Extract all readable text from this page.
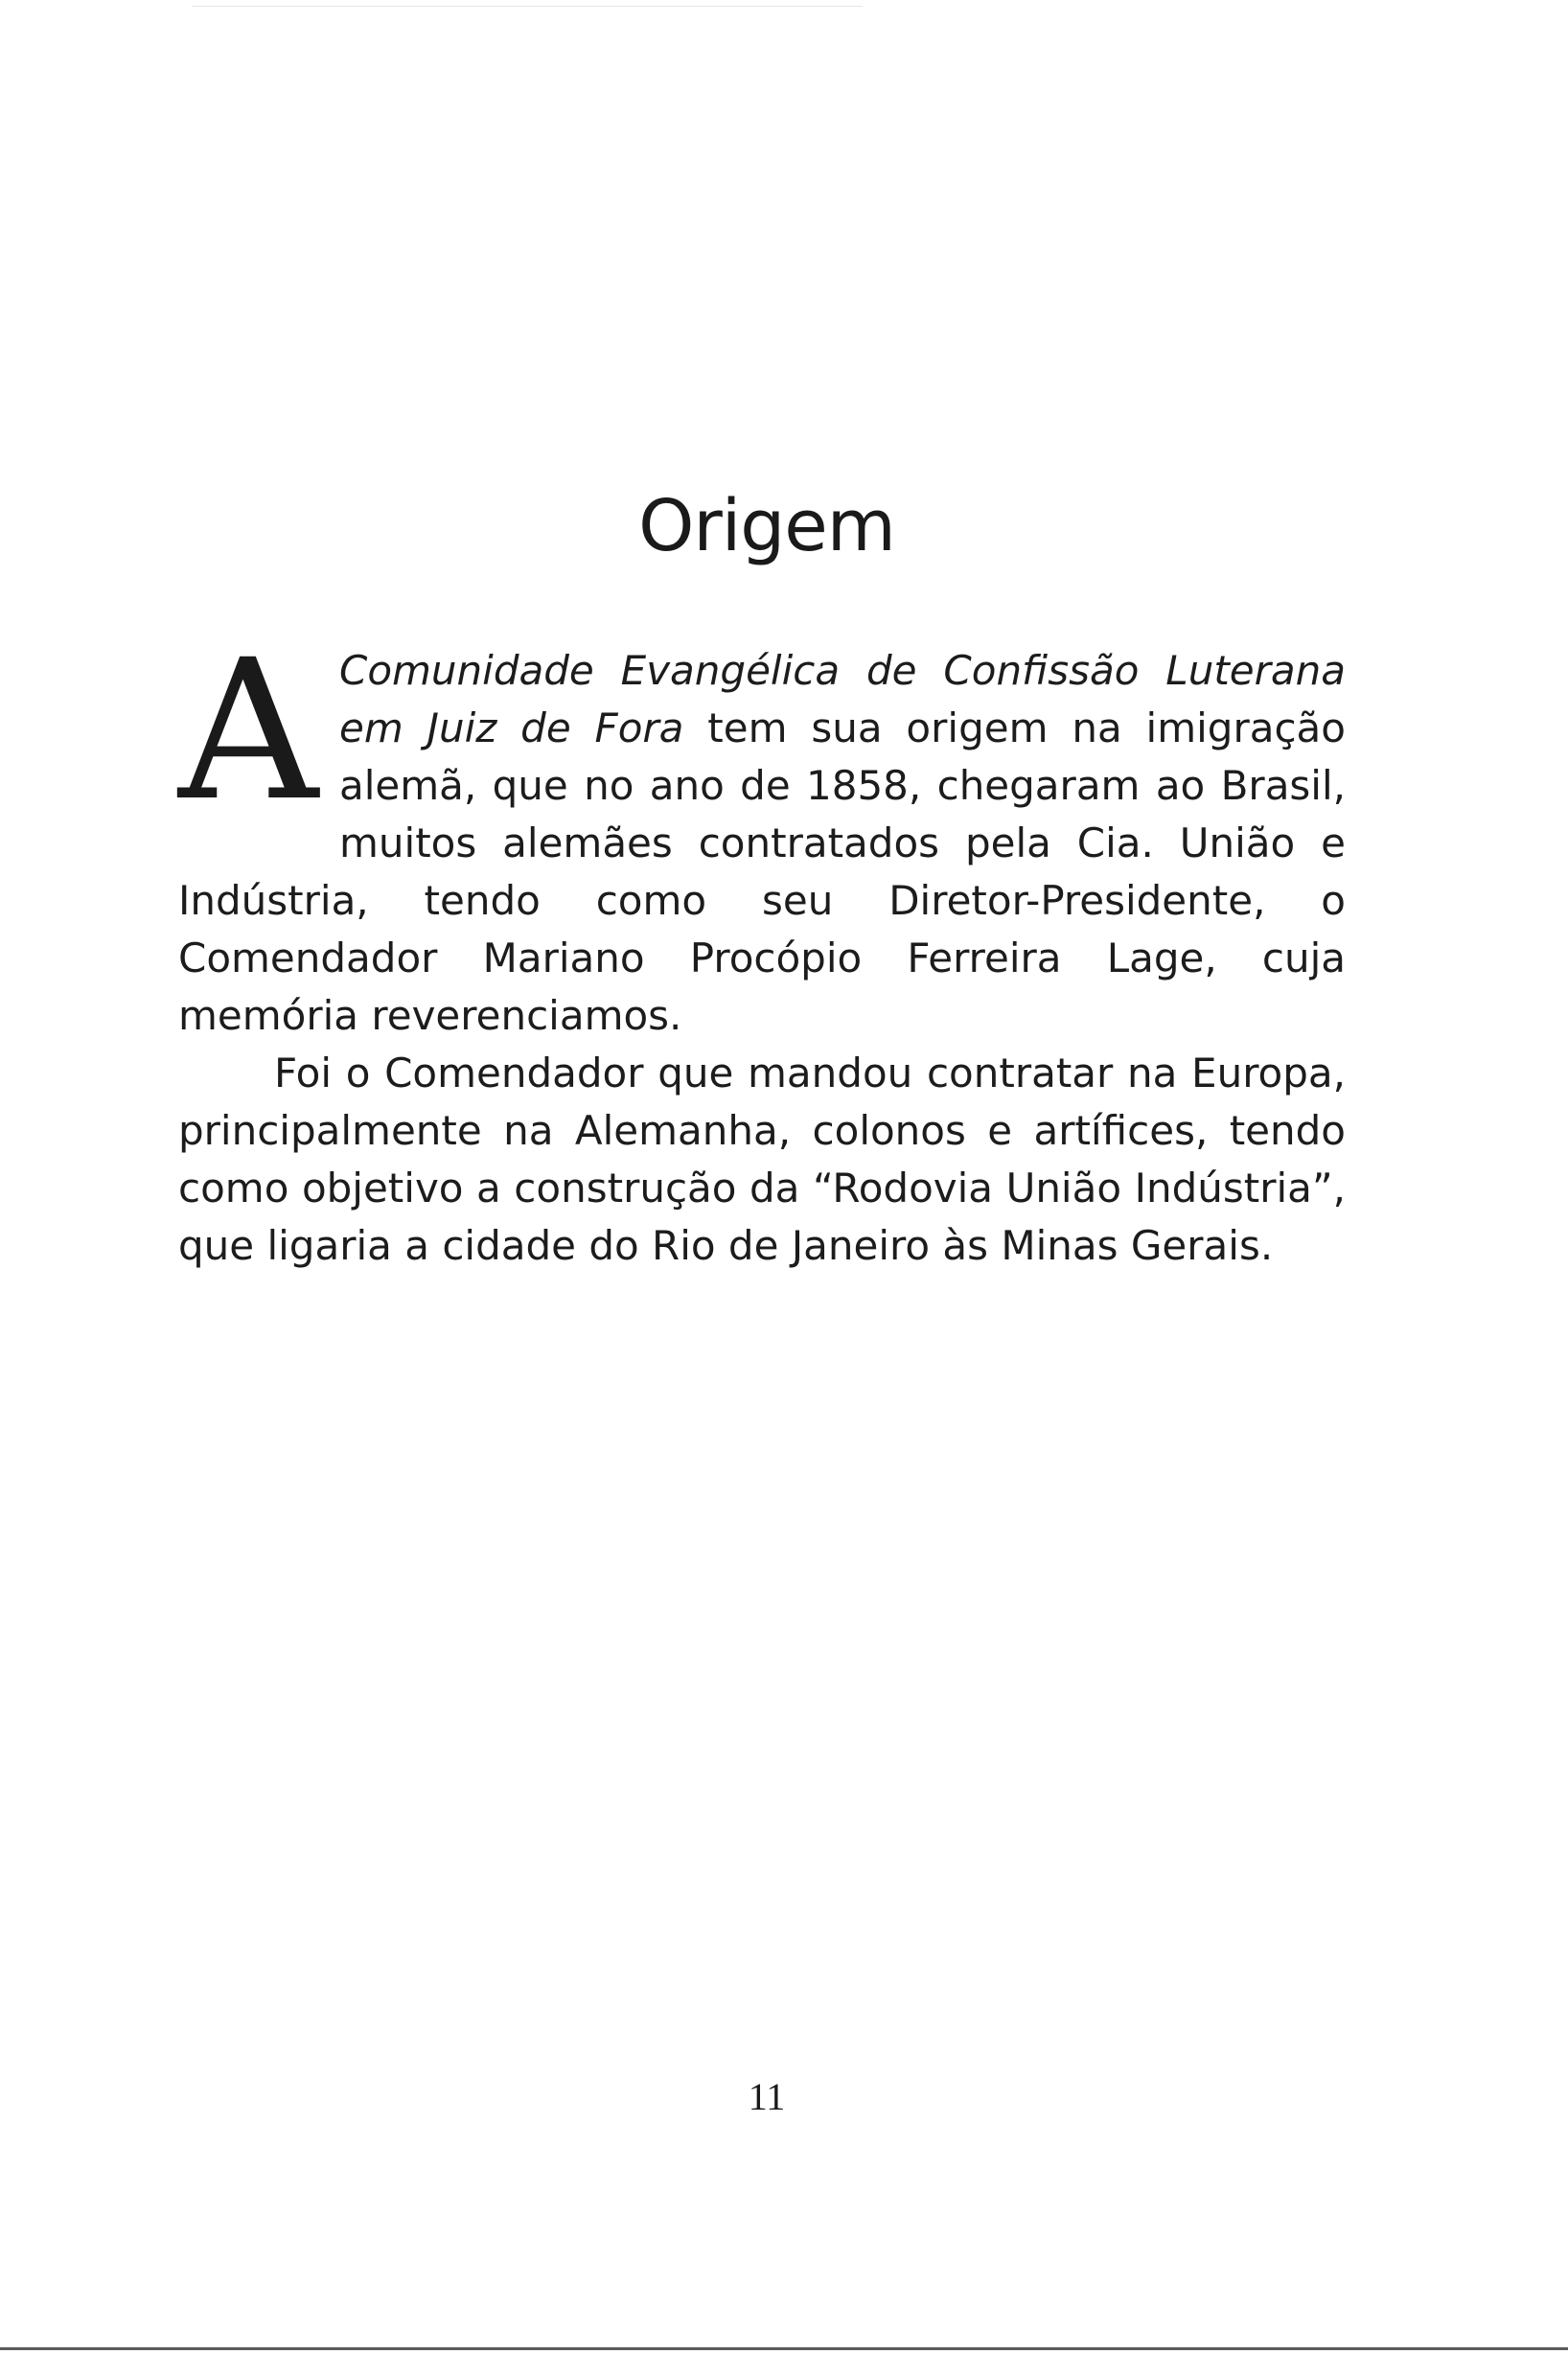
Origem

A Comunidade Evangélica de Confissão Luterana em Juiz de Fora tem sua origem na imigração alemã, que no ano de 1858, chegaram ao Brasil, muitos alemães contratados pela Cia. União e Indústria, tendo como seu Diretor-Presidente, o Comendador Mariano Procópio Ferreira Lage, cuja memória reverenciamos.

Foi o Comendador que mandou contratar na Europa, principalmente na Alemanha, colonos e artífices, tendo como objetivo a construção da “Rodovia União Indústria”, que ligaria a cidade do Rio de Janeiro às Minas Gerais.

11
